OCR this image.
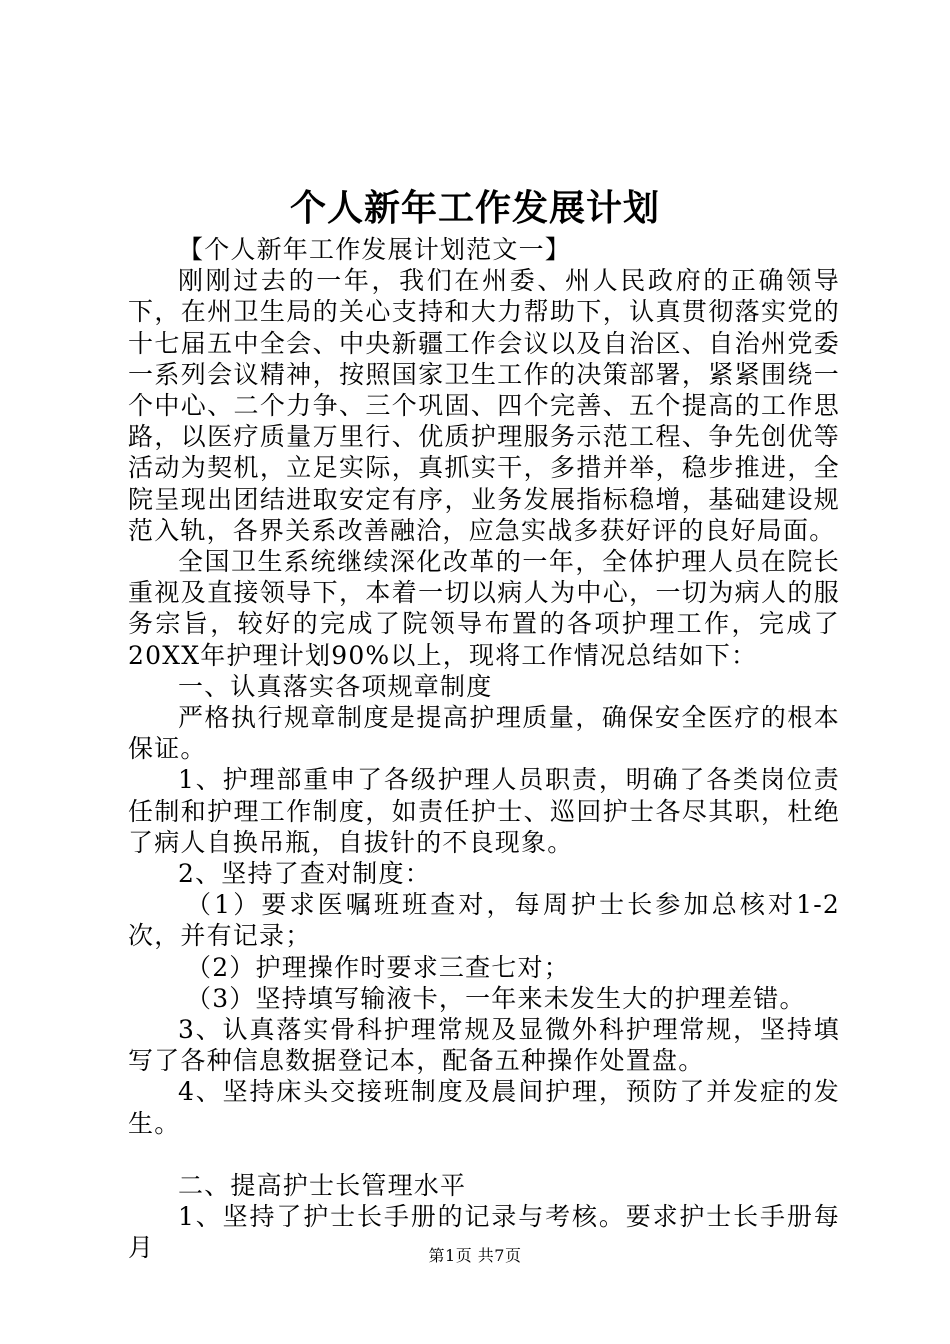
个人新年工作发展计划

【个人新年工作发展计划范文一】

刚刚过去的一年，我们在州委、州人民政府的正确领导下，在州卫生局的关心支持和大力帮助下，认真贯彻落实党的十七届五中全会、中央新疆工作会议以及自治区、自治州党委一系列会议精神，按照国家卫生工作的决策部署，紧紧围绕一个中心、二个力争、三个巩固、四个完善、五个提高的工作思路，以医疗质量万里行、优质护理服务示范工程、争先创优等活动为契机，立足实际，真抓实干，多措并举，稳步推进，全院呈现出团结进取安定有序，业务发展指标稳增，基础建设规范入轨，各界关系改善融洽，应急实战多获好评的良好局面。

全国卫生系统继续深化改革的一年，全体护理人员在院长重视及直接领导下，本着一切以病人为中心，一切为病人的服务宗旨，较好的完成了院领导布置的各项护理工作，完成了20XX年护理计划90%以上，现将工作情况总结如下：

一、认真落实各项规章制度

严格执行规章制度是提高护理质量，确保安全医疗的根本保证。

1、护理部重申了各级护理人员职责，明确了各类岗位责任制和护理工作制度，如责任护士、巡回护士各尽其职，杜绝了病人自换吊瓶，自拔针的不良现象。

2、坚持了查对制度：

（1）要求医嘱班班查对，每周护士长参加总核对1-2次，并有记录；

（2）护理操作时要求三查七对；

（3）坚持填写输液卡，一年来未发生大的护理差错。

3、认真落实骨科护理常规及显微外科护理常规，坚持填写了各种信息数据登记本，配备五种操作处置盘。

4、坚持床头交接班制度及晨间护理，预防了并发症的发生。

二、提高护士长管理水平

1、坚持了护士长手册的记录与考核。要求护士长手册每月	第1页 共7页
